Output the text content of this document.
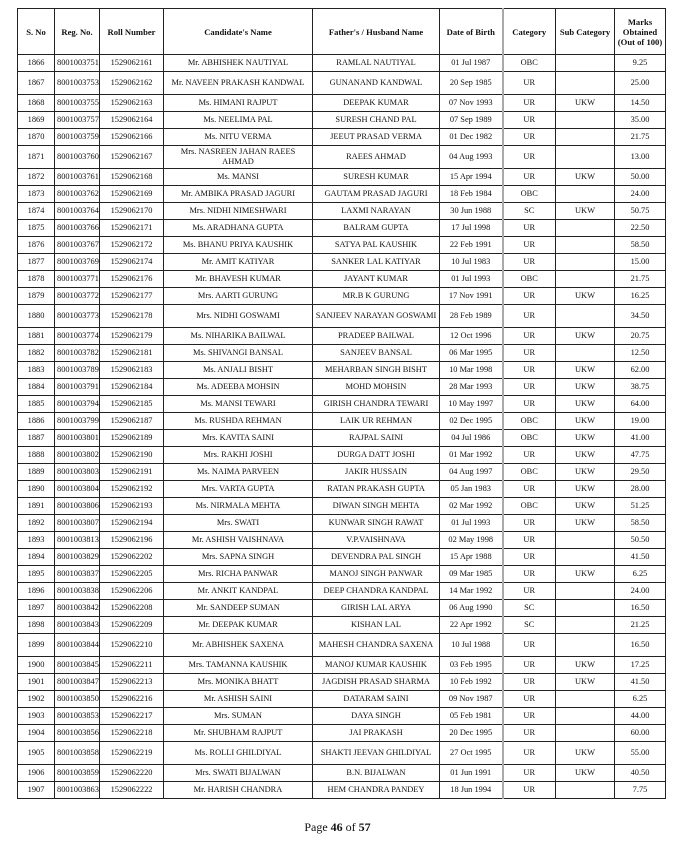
S. No	Reg. No.	Roll Number	Candidate's Name	Father's / Husband Name	Date of Birth	Category	Sub Category	Marks Obtained (Out of 100)
1866	8001003751	1529062161	Mr. ABHISHEK NAUTIYAL	RAMLAL NAUTIYAL	01 Jul 1987	OBC		9.25
1867	8001003753	1529062162	Mr. NAVEEN PRAKASH KANDWAL	GUNANAND KANDWAL	20 Sep 1985	UR		25.00
1868	8001003755	1529062163	Ms. HIMANI RAJPUT	DEEPAK KUMAR	07 Nov 1993	UR	UKW	14.50
1869	8001003757	1529062164	Ms. NEELIMA PAL	SURESH CHAND PAL	07 Sep 1989	UR		35.00
1870	8001003759	1529062166	Ms. NITU VERMA	JEEUT PRASAD VERMA	01 Dec 1982	UR		21.75
1871	8001003760	1529062167	Mrs. NASREEN JAHAN RAEES AHMAD	RAEES AHMAD	04 Aug 1993	UR		13.00
1872	8001003761	1529062168	Ms. MANSI	SURESH KUMAR	15 Apr 1994	UR	UKW	50.00
1873	8001003762	1529062169	Mr. AMBIKA PRASAD JAGURI	GAUTAM PRASAD JAGURI	18 Feb 1984	OBC		24.00
1874	8001003764	1529062170	Mrs. NIDHI NIMESHWARI	LAXMI NARAYAN	30 Jun 1988	SC	UKW	50.75
1875	8001003766	1529062171	Ms. ARADHANA GUPTA	BALRAM GUPTA	17 Jul 1998	UR		22.50
1876	8001003767	1529062172	Ms. BHANU PRIYA KAUSHIK	SATYA PAL KAUSHIK	22 Feb 1991	UR		58.50
1877	8001003769	1529062174	Mr. AMIT KATIYAR	SANKER LAL KATIYAR	10 Jul 1983	UR		15.00
1878	8001003771	1529062176	Mr. BHAVESH KUMAR	JAYANT KUMAR	01 Jul 1993	OBC		21.75
1879	8001003772	1529062177	Mrs. AARTI GURUNG	MR.B K GURUNG	17 Nov 1991	UR	UKW	16.25
1880	8001003773	1529062178	Mrs. NIDHI GOSWAMI	SANJEEV NARAYAN GOSWAMI	28 Feb 1989	UR		34.50
1881	8001003774	1529062179	Ms. NIHARIKA BAILWAL	PRADEEP BAILWAL	12 Oct 1996	UR	UKW	20.75
1882	8001003782	1529062181	Ms. SHIVANGI BANSAL	SANJEEV BANSAL	06 Mar 1995	UR		12.50
1883	8001003789	1529062183	Ms. ANJALI BISHT	MEHARBAN SINGH BISHT	10 Mar 1998	UR	UKW	62.00
1884	8001003791	1529062184	Ms. ADEEBA MOHSIN	MOHD MOHSIN	28 Mar 1993	UR	UKW	38.75
1885	8001003794	1529062185	Ms. MANSI TEWARI	GIRISH CHANDRA TEWARI	10 May 1997	UR	UKW	64.00
1886	8001003799	1529062187	Ms. RUSHDA REHMAN	LAIK UR REHMAN	02 Dec 1995	OBC	UKW	19.00
1887	8001003801	1529062189	Mrs. KAVITA SAINI	RAJPAL SAINI	04 Jul 1986	OBC	UKW	41.00
1888	8001003802	1529062190	Mrs. RAKHI JOSHI	DURGA DATT JOSHI	01 Mar 1992	UR	UKW	47.75
1889	8001003803	1529062191	Ms. NAIMA PARVEEN	JAKIR HUSSAIN	04 Aug 1997	OBC	UKW	29.50
1890	8001003804	1529062192	Mrs. VARTA GUPTA	RATAN PRAKASH GUPTA	05 Jan 1983	UR	UKW	28.00
1891	8001003806	1529062193	Ms. NIRMALA MEHTA	DIWAN SINGH MEHTA	02 Mar 1992	OBC	UKW	51.25
1892	8001003807	1529062194	Mrs. SWATI	KUNWAR SINGH RAWAT	01 Jul 1993	UR	UKW	58.50
1893	8001003813	1529062196	Mr. ASHISH VAISHNAVA	V.P.VAISHNAVA	02 May 1998	UR		50.50
1894	8001003829	1529062202	Mrs. SAPNA SINGH	DEVENDRA PAL SINGH	15 Apr 1988	UR		41.50
1895	8001003837	1529062205	Mrs. RICHA PANWAR	MANOJ SINGH PANWAR	09 Mar 1985	UR	UKW	6.25
1896	8001003838	1529062206	Mr. ANKIT KANDPAL	DEEP CHANDRA KANDPAL	14 Mar 1992	UR		24.00
1897	8001003842	1529062208	Mr. SANDEEP SUMAN	GIRISH LAL ARYA	06 Aug 1990	SC		16.50
1898	8001003843	1529062209	Mr. DEEPAK KUMAR	KISHAN LAL	22 Apr 1992	SC		21.25
1899	8001003844	1529062210	Mr. ABHISHEK SAXENA	MAHESH CHANDRA SAXENA	10 Jul 1988	UR		16.50
1900	8001003845	1529062211	Mrs. TAMANNA KAUSHIK	MANOJ KUMAR KAUSHIK	03 Feb 1995	UR	UKW	17.25
1901	8001003847	1529062213	Mrs. MONIKA BHATT	JAGDISH PRASAD SHARMA	10 Feb 1992	UR	UKW	41.50
1902	8001003850	1529062216	Mr. ASHISH SAINI	DATARAM SAINI	09 Nov 1987	UR		6.25
1903	8001003853	1529062217	Mrs. SUMAN	DAYA SINGH	05 Feb 1981	UR		44.00
1904	8001003856	1529062218	Mr. SHUBHAM RAJPUT	JAI PRAKASH	20 Dec 1995	UR		60.00
1905	8001003858	1529062219	Ms. ROLLI GHILDIYAL	SHAKTI JEEVAN GHILDIYAL	27 Oct 1995	UR	UKW	55.00
1906	8001003859	1529062220	Mrs. SWATI BIJALWAN	B.N. BIJALWAN	01 Jun 1991	UR	UKW	40.50
1907	8001003863	1529062222	Mr. HARISH CHANDRA	HEM CHANDRA PANDEY	18 Jun 1994	UR		7.75
Page 46 of 57
